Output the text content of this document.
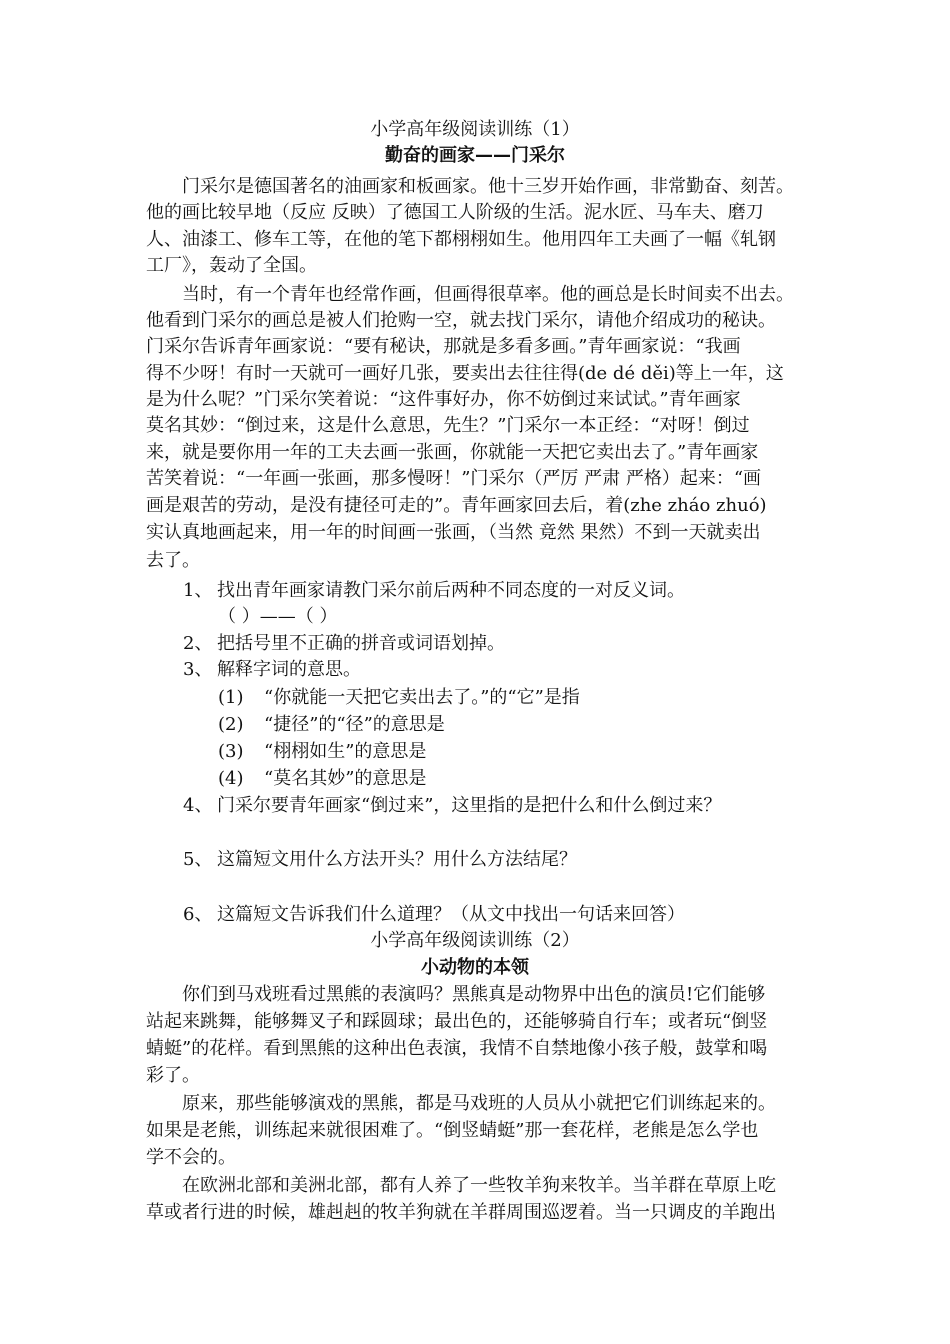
小学高年级阅读训练（1）
勤奋的画家——门采尔
　　门采尔是德国著名的油画家和板画家。他十三岁开始作画，非常勤奋、刻苦。
他的画比较早地（反应 反映）了德国工人阶级的生活。泥水匠、马车夫、磨刀
人、油漆工、修车工等，在他的笔下都栩栩如生。他用四年工夫画了一幅《轧钢
工厂》，轰动了全国。
　　当时，有一个青年也经常作画，但画得很草率。他的画总是长时间卖不出去。
他看到门采尔的画总是被人们抢购一空，就去找门采尔，请他介绍成功的秘诀。
门采尔告诉青年画家说：“要有秘诀，那就是多看多画。”青年画家说：“我画
得不少呀！有时一天就可一画好几张，要卖出去往往得(de dé děi)等上一年，这
是为什么呢？”门采尔笑着说：“这件事好办，你不妨倒过来试试。”青年画家
莫名其妙：“倒过来，这是什么意思，先生？”门采尔一本正经：“对呀！倒过
来，就是要你用一年的工夫去画一张画，你就能一天把它卖出去了。”青年画家
苦笑着说：“一年画一张画，那多慢呀！”门采尔（严厉 严肃 严格）起来：“画
画是艰苦的劳动，是没有捷径可走的”。青年画家回去后，着(zhe zháo zhuó)
实认真地画起来，用一年的时间画一张画，（当然 竟然 果然）不到一天就卖出
去了。
1、 找出青年画家请教门采尔前后两种不同态度的一对反义词。
（ ）——（ ）
2、 把括号里不正确的拼音或词语划掉。
3、 解释字词的意思。
(1) “你就能一天把它卖出去了。”的“它”是指
(2) “捷径”的“径”的意思是
(3) “栩栩如生”的意思是
(4) “莫名其妙”的意思是
4、 门采尔要青年画家“倒过来”，这里指的是把什么和什么倒过来？
5、 这篇短文用什么方法开头？用什么方法结尾？
6、 这篇短文告诉我们什么道理？（从文中找出一句话来回答）
小学高年级阅读训练（2）
小动物的本领
　　你们到马戏班看过黑熊的表演吗？黑熊真是动物界中出色的演员!它们能够
站起来跳舞，能够舞叉子和踩圆球；最出色的，还能够骑自行车；或者玩“倒竖
蜻蜓”的花样。看到黑熊的这种出色表演，我情不自禁地像小孩子般，鼓掌和喝
彩了。
　　原来，那些能够演戏的黑熊，都是马戏班的人员从小就把它们训练起来的。
如果是老熊，训练起来就很困难了。“倒竖蜻蜓”那一套花样，老熊是怎么学也
学不会的。
　　在欧洲北部和美洲北部，都有人养了一些牧羊狗来牧羊。当羊群在草原上吃
草或者行进的时候，雄赳赳的牧羊狗就在羊群周围巡逻着。当一只调皮的羊跑出
